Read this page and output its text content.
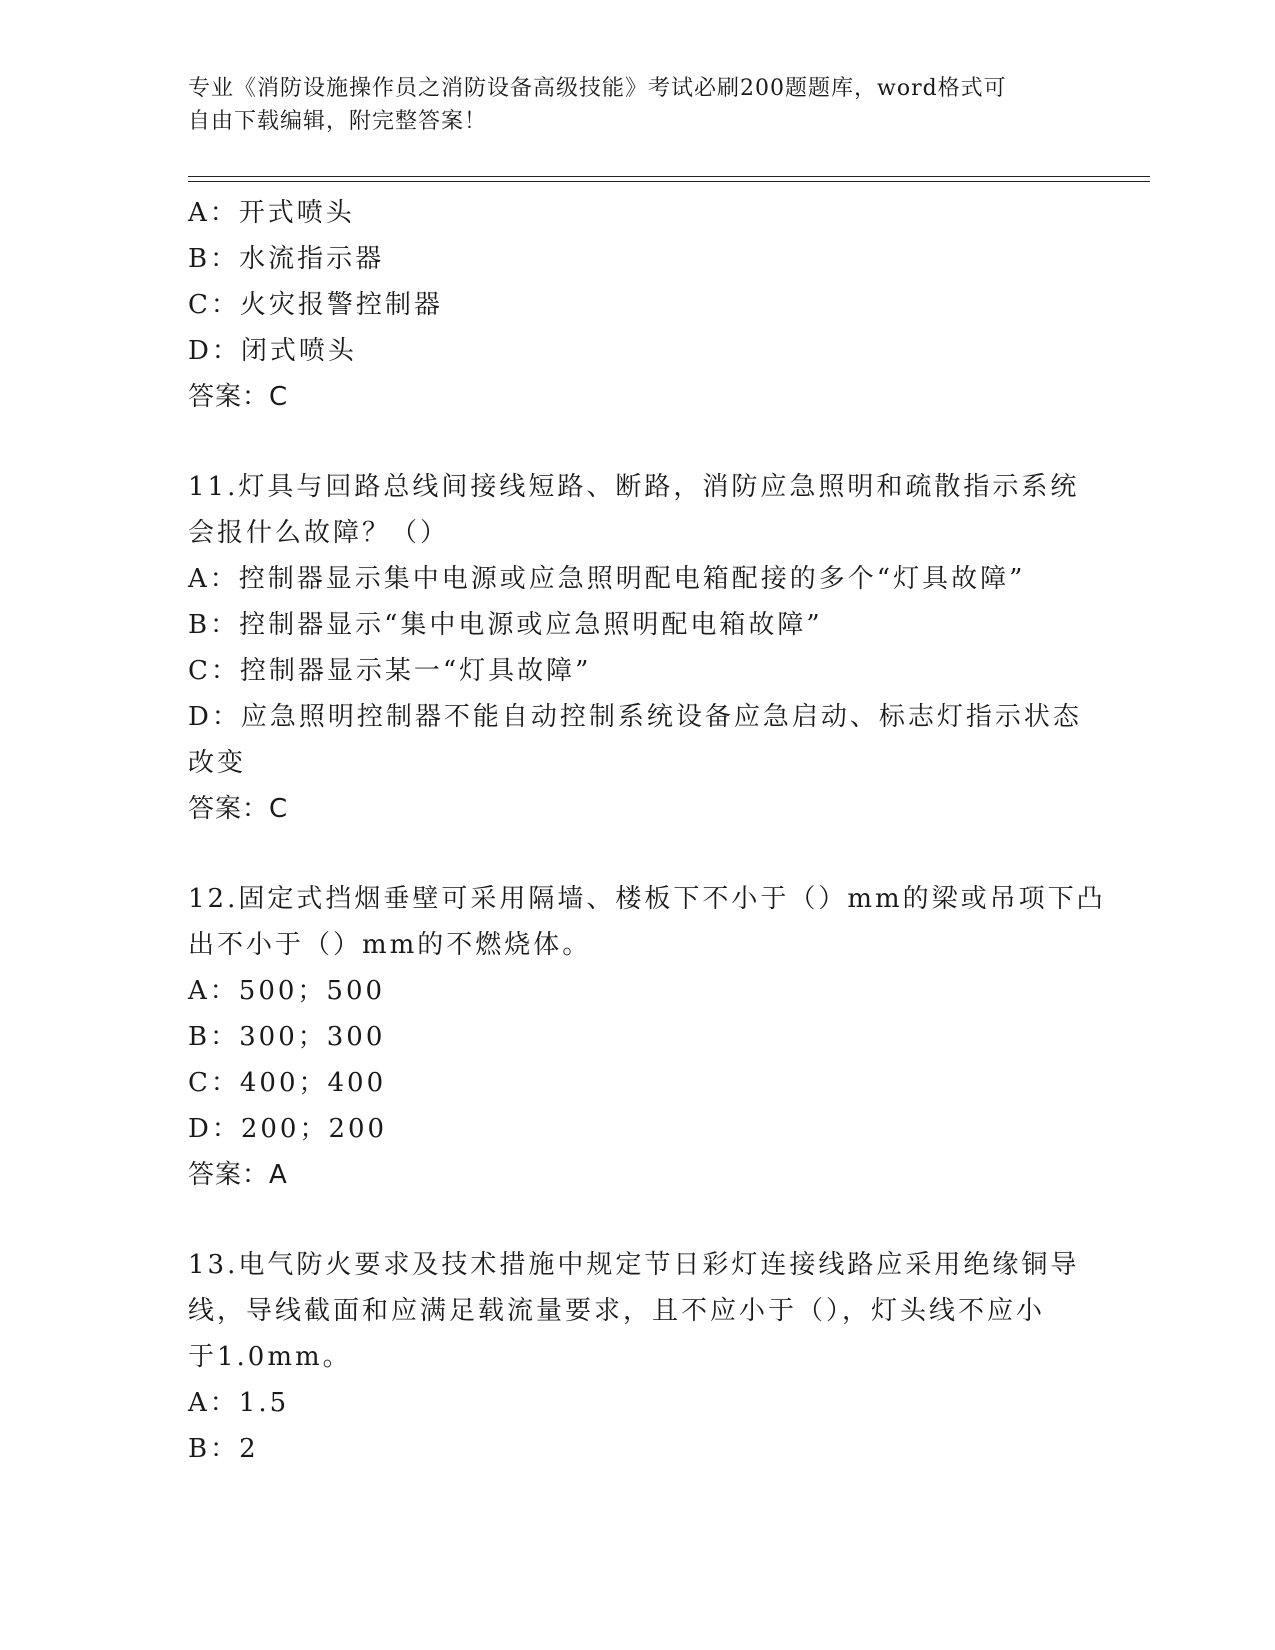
专业《消防设施操作员之消防设备高级技能》考试必刷200题题库，word格式可
自由下载编辑，附完整答案！
A：开式喷头
B：水流指示器
C：火灾报警控制器
D：闭式喷头
答案：C
11.灯具与回路总线间接线短路、断路，消防应急照明和疏散指示系统
会报什么故障？（）
A：控制器显示集中电源或应急照明配电箱配接的多个“灯具故障”
B：控制器显示“集中电源或应急照明配电箱故障”
C：控制器显示某一“灯具故障”
D：应急照明控制器不能自动控制系统设备应急启动、标志灯指示状态
改变
答案：C
12.固定式挡烟垂壁可采用隔墙、楼板下不小于（）mm的梁或吊项下凸
出不小于（）mm的不燃烧体。
A：500；500
B：300；300
C：400；400
D：200；200
答案：A
13.电气防火要求及技术措施中规定节日彩灯连接线路应采用绝缘铜导
线，导线截面和应满足载流量要求，且不应小于（），灯头线不应小
于1.0mm。
A：1.5
B：2
